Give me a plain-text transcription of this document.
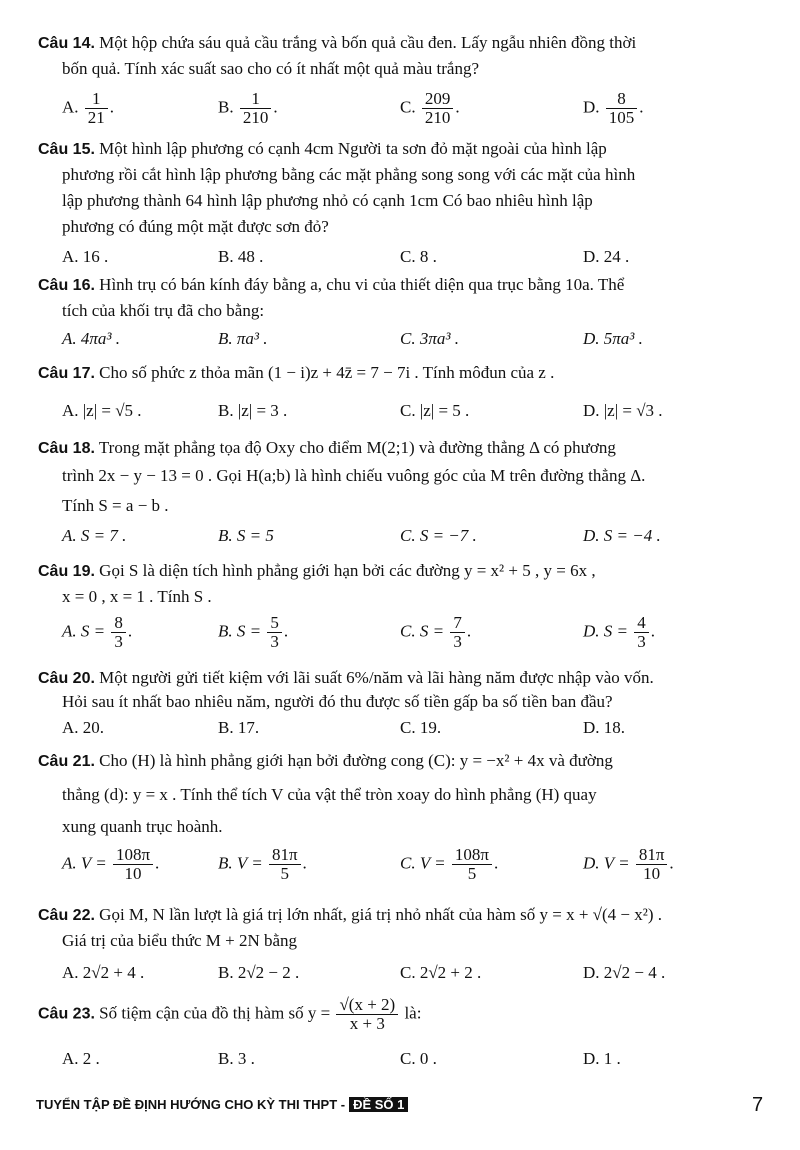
Câu 14. Một hộp chứa sáu quả cầu trắng và bốn quả cầu đen. Lấy ngẫu nhiên đồng thời
bốn quả. Tính xác suất sao cho có ít nhất một quả màu trắng?
A. $\frac{1}{21}$ .	B. $\frac{1}{210}$ .	C. $\frac{209}{210}$ .	D. $\frac{8}{105}$ .
Câu 15. Một hình lập phương có cạnh 4cm Người ta sơn đỏ mặt ngoài của hình lập
phương rồi cắt hình lập phương bằng các mặt phẳng song song với các mặt của hình
lập phương thành 64 hình lập phương nhỏ có cạnh 1cm Có bao nhiêu hình lập
phương có đúng một mặt được sơn đỏ?
A. 16 .	B. 48 .	C. 8 .	D. 24 .
Câu 16. Hình trụ có bán kính đáy bằng a, chu vi của thiết diện qua trục bằng 10a. Thể
tích của khối trụ đã cho bằng:
A. 4πa³ .	B. πa³ .	C. 3πa³ .	D. 5πa³ .
Câu 17. Cho số phức z thỏa mãn (1 − i)z + 4z̄ = 7 − 7i . Tính môđun của z .
A. |z| = √5 .	B. |z| = 3 .	C. |z| = 5 .	D. |z| = √3 .
Câu 18. Trong mặt phẳng tọa độ Oxy cho điểm M(2;1) và đường thẳng Δ có phương
trình 2x − y − 13 = 0 . Gọi H(a;b) là hình chiếu vuông góc của M trên đường thẳng Δ.
Tính S = a − b .
A. S = 7 .	B. S = 5	C. S = −7 .	D. S = −4 .
Câu 19. Gọi S là diện tích hình phẳng giới hạn bởi các đường y = x² + 5 , y = 6x ,
x = 0 , x = 1 . Tính S .
A. $S = \frac{8}{3}$ .	B. $S = \frac{5}{3}$ .	C. $S = \frac{7}{3}$ .	D. $S = \frac{4}{3}$ .
Câu 20. Một người gửi tiết kiệm với lãi suất 6%/năm và lãi hàng năm được nhập vào vốn.
Hỏi sau ít nhất bao nhiêu năm, người đó thu được số tiền gấp ba số tiền ban đầu?
A. 20.	B. 17.	C. 19.	D. 18.
Câu 21. Cho (H) là hình phẳng giới hạn bởi đường cong (C): y = −x² + 4x và đường
thẳng (d): y = x . Tính thể tích V của vật thể tròn xoay do hình phẳng (H) quay
xung quanh trục hoành.
A. $V = \frac{108\pi}{10}$ .	B. $V = \frac{81\pi}{5}$ .	C. $V = \frac{108\pi}{5}$ .	D. $V = \frac{81\pi}{10}$ .
Câu 22. Gọi M, N lần lượt là giá trị lớn nhất, giá trị nhỏ nhất của hàm số y = x + √(4 − x²) .
Giá trị của biểu thức M + 2N bằng
A. 2√2 + 4 .	B. 2√2 − 2 .	C. 2√2 + 2 .	D. 2√2 − 4 .
Câu 23. Số tiệm cận của đồ thị hàm số $y = \frac{√(x + 2)}{x + 3}$ là:
A. 2 .	B. 3 .	C. 0 .	D. 1 .
TUYỂN TẬP ĐỀ ĐỊNH HƯỚNG CHO KỲ THI THPT - ĐỀ SỐ 1	7
